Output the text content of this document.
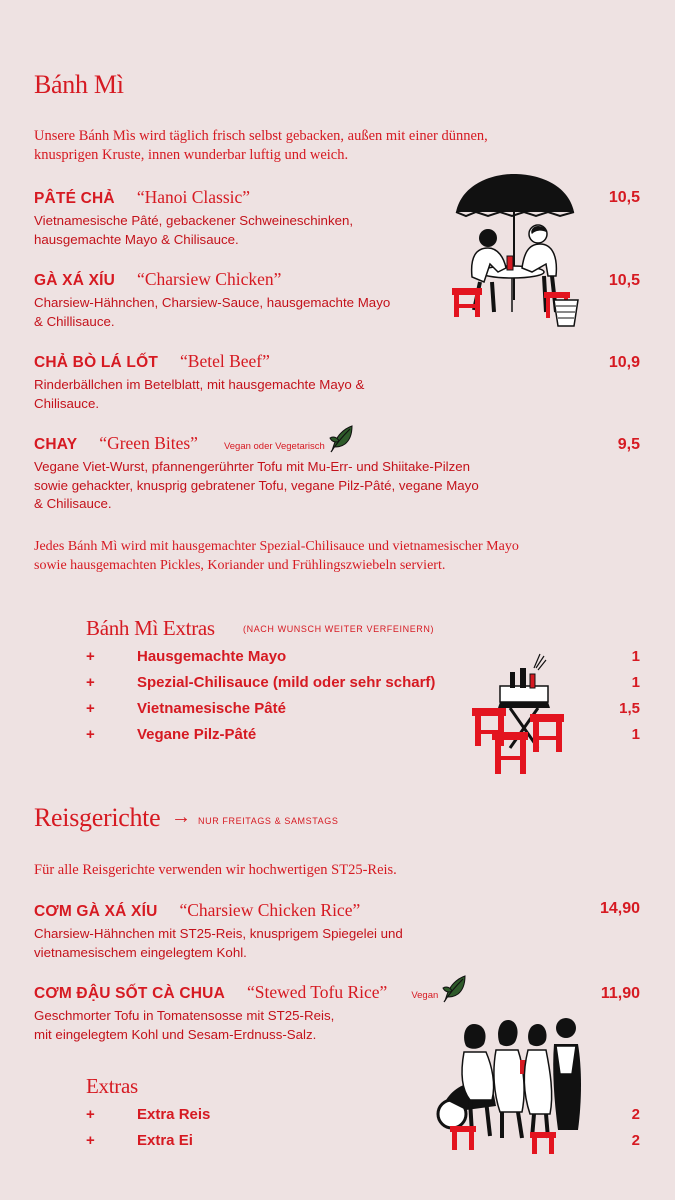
Bánh Mì
Unsere Bánh Mìs wird täglich frisch selbst gebacken, außen mit einer dünnen,
knusprigen Kruste, innen wunderbar luftig und weich.
PÂTÉ CHẢ “Hanoi Classic”	10,5
Vietnamesische Pâté, gebackener Schweineschinken,
hausgemachte Mayo & Chilisauce.
GÀ XÁ XÍU “Charsiew Chicken”	10,5
Charsiew-Hähnchen, Charsiew-Sauce, hausgemachte Mayo
& Chillisauce.
CHẢ BÒ LÁ LỐT “Betel Beef”	10,9
Rinderbällchen im Betelblatt, mit hausgemachte Mayo &
Chilisauce.
CHAY “Green Bites”	Vegan oder Vegetarisch	9,5
Vegane Viet-Wurst, pfannengerührter Tofu mit Mu-Err- und Shiitake-Pilzen
sowie gehackter, knusprig gebratener Tofu, vegane Pilz-Pâté, vegane Mayo
& Chilisauce.
Jedes Bánh Mì wird mit hausgemachter Spezial-Chilisauce und vietnamesischer Mayo
sowie hausgemachten Pickles, Koriander und Frühlingszwiebeln serviert.
Bánh Mì Extras	(NACH WUNSCH WEITER VERFEINERN)
+	Hausgemachte Mayo	1
+	Spezial-Chilisauce (mild oder sehr scharf)	1
+	Vietnamesische Pâté	1,5
+	Vegane Pilz-Pâté	1
Reisgerichte → NUR FREITAGS & SAMSTAGS
Für alle Reisgerichte verwenden wir hochwertigen ST25-Reis.
CƠM GÀ XÁ XÍU “Charsiew Chicken Rice”	14,90
Charsiew-Hähnchen mit ST25-Reis, knusprigem Spiegelei und
vietnamesischem eingelegtem Kohl.
CƠM ĐẬU SỐT CÀ CHUA “Stewed Tofu Rice”	Vegan	11,90
Geschmorter Tofu in Tomatensosse mit ST25-Reis,
mit eingelegtem Kohl und Sesam-Erdnuss-Salz.
Extras
+	Extra Reis	2
+	Extra Ei	2
